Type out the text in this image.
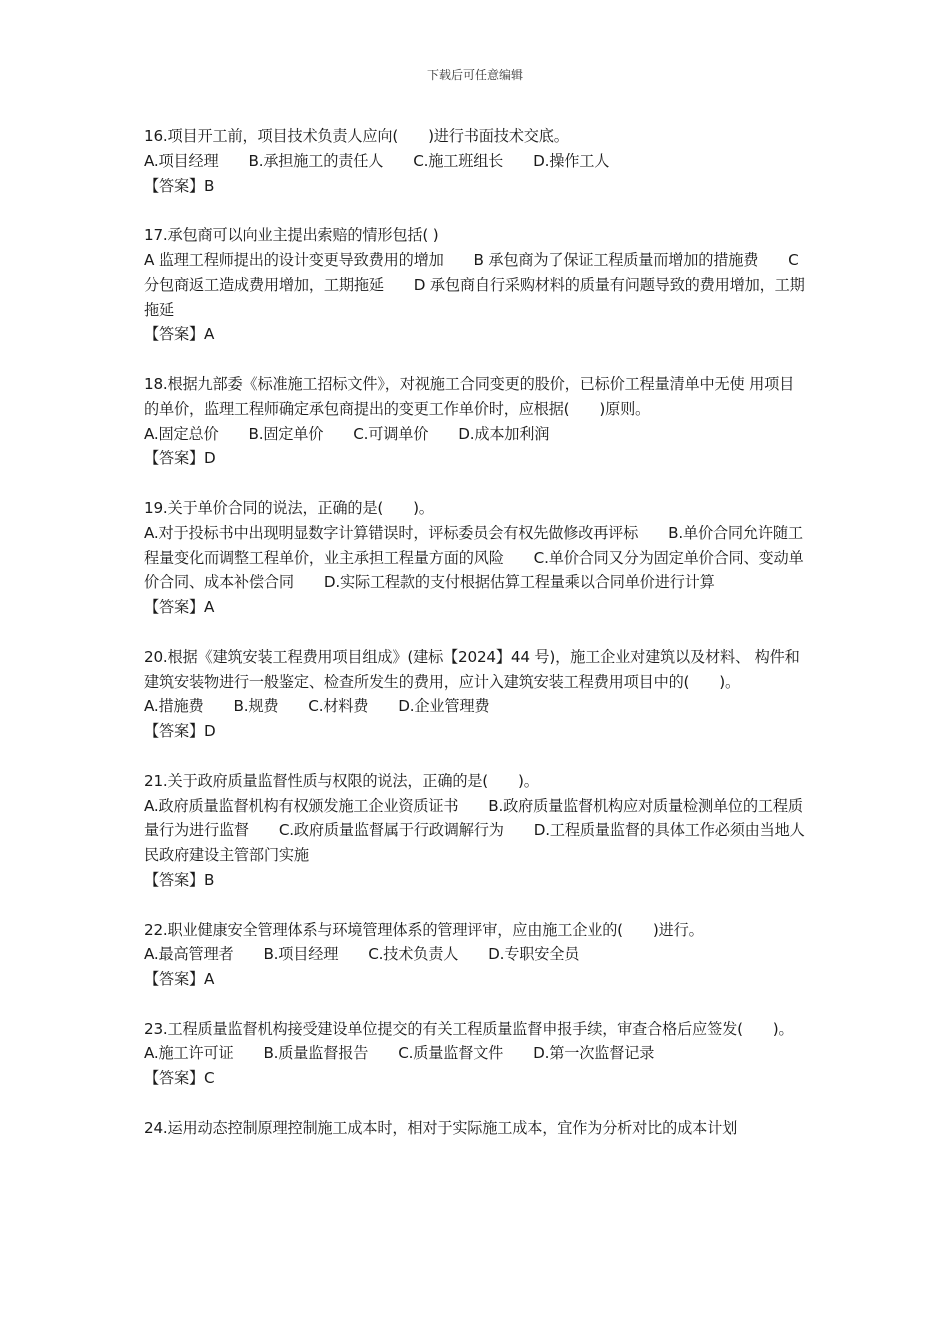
下载后可任意编辑
16.项目开工前，项目技术负责人应向(　　)进行书面技术交底。
A.项目经理　　B.承担施工的责任人　　C.施工班组长　　D.操作工人
【答案】B
17.承包商可以向业主提出索赔的情形包括( )
A 监理工程师提出的设计变更导致费用的增加　　B 承包商为了保证工程质量而增加的措施费　　C 分包商返工造成费用增加，工期拖延　　D 承包商自行采购材料的质量有问题导致的费用增加，工期拖延
【答案】A
18.根据九部委《标准施工招标文件》，对视施工合同变更的股价，已标价工程量清单中无使 用项目的单价，监理工程师确定承包商提出的变更工作单价时，应根据(　　)原则。
A.固定总价　　B.固定单价　　C.可调单价　　D.成本加利润
【答案】D
19.关于单价合同的说法，正确的是(　　)。
A.对于投标书中出现明显数字计算错误时，评标委员会有权先做修改再评标　　B.单价合同允许随工程量变化而调整工程单价，业主承担工程量方面的风险　　C.单价合同又分为固定单价合同、变动单价合同、成本补偿合同　　D.实际工程款的支付根据估算工程量乘以合同单价进行计算
【答案】A
20.根据《建筑安装工程费用项目组成》(建标【2024】44 号)，施工企业对建筑以及材料、 构件和建筑安装物进行一般鉴定、检查所发生的费用，应计入建筑安装工程费用项目中的(　　)。
A.措施费　　B.规费　　C.材料费　　D.企业管理费
【答案】D
21.关于政府质量监督性质与权限的说法，正确的是(　　)。
A.政府质量监督机构有权颁发施工企业资质证书　　B.政府质量监督机构应对质量检测单位的工程质量行为进行监督　　C.政府质量监督属于行政调解行为　　D.工程质量监督的具体工作必须由当地人民政府建设主管部门实施
【答案】B
22.职业健康安全管理体系与环境管理体系的管理评审，应由施工企业的(　　)进行。
A.最高管理者　　B.项目经理　　C.技术负责人　　D.专职安全员
【答案】A
23.工程质量监督机构接受建设单位提交的有关工程质量监督申报手续，审查合格后应签发(　　)。
A.施工许可证　　B.质量监督报告　　C.质量监督文件　　D.第一次监督记录
【答案】C
24.运用动态控制原理控制施工成本时，相对于实际施工成本，宜作为分析对比的成本计划
